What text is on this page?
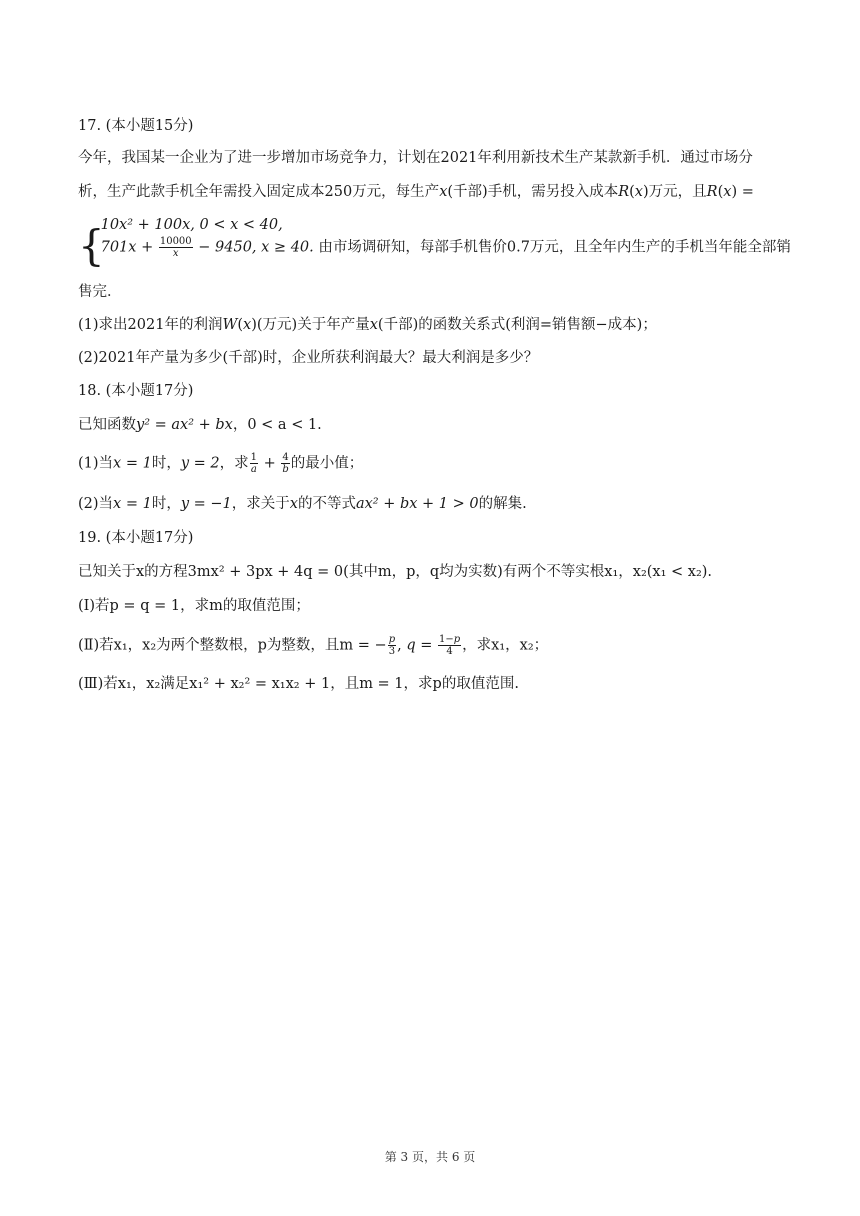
17. (本小题15分)
今年，我国某一企业为了进一步增加市场竞争力，计划在2021年利用新技术生产某款新手机．通过市场分
析，生产此款手机全年需投入固定成本250万元，每生产x(千部)手机，需另投入成本R(x)万元，且R(x) =
{

10x² + 100x, 0 < x < 40,
$701x + \frac{10000}{x} - 9450$, x ≥ 40. 由市场调研知，每部手机售价0.7万元，且全年内生产的手机当年能全部销
售完．
(1)求出2021年的利润W(x)(万元)关于年产量x(千部)的函数关系式(利润=销售额−成本)；
(2)2021年产量为多少(千部)时，企业所获利润最大？最大利润是多少？
18. (本小题17分)
已知函数y² = ax² + bx，0 < a < 1.
(1)当x = 1时，y = 2，求 $\frac{1}{a} + \frac{4}{b}$ 的最小值；
(2)当x = 1时，y = −1，求关于x的不等式ax² + bx + 1 > 0的解集.
19. (本小题17分)
已知关于x的方程3mx² + 3px + 4q = 0(其中m，p，q均为实数)有两个不等实根x₁，x₂(x₁ < x₂).
(Ⅰ)若p = q = 1，求m的取值范围；
(Ⅱ)若x₁，x₂为两个整数根，p为整数，且m = − $\frac{p}{3}$ , $q = \frac{1-p}{4}$ ，求x₁，x₂；
(Ⅲ)若x₁，x₂满足x₁² + x₂² = x₁x₂ + 1，且m = 1，求p的取值范围.
第 3 页，共 6 页
